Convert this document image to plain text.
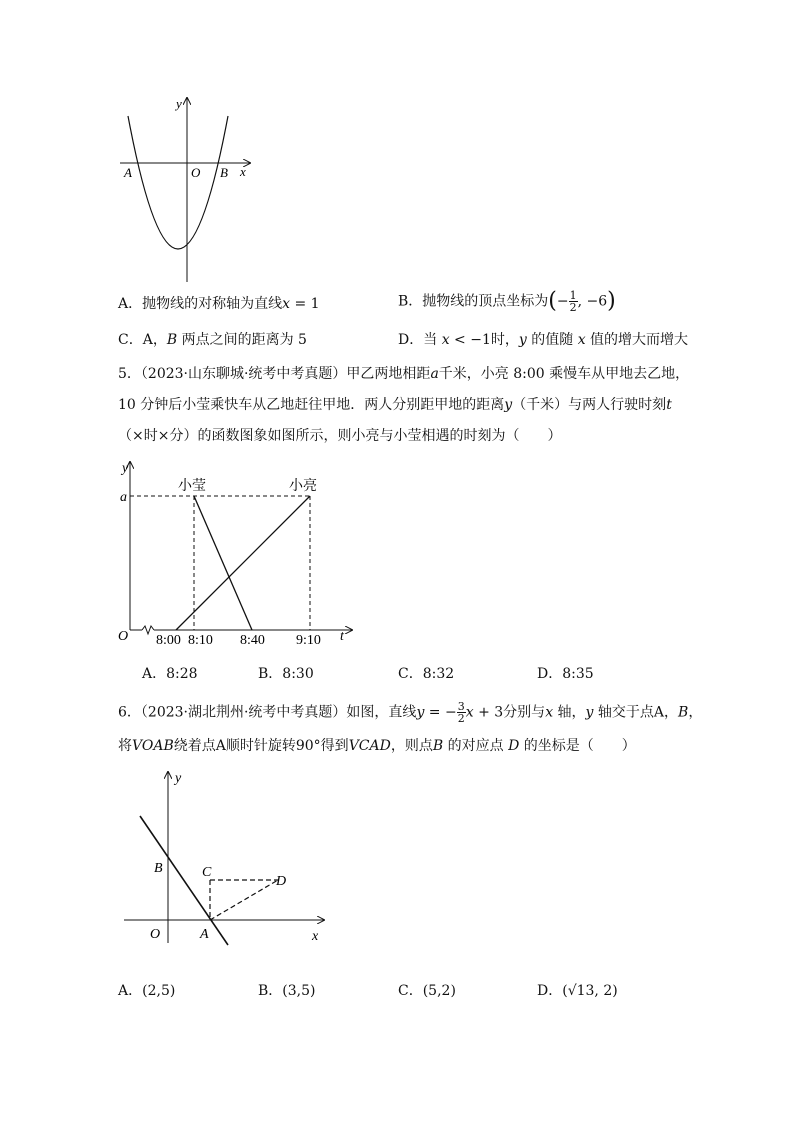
y
x
O
A	B
A．抛物线的对称轴为直线x = 1	B．抛物线的顶点坐标为(− $\frac{1}{2}$ , −6)
C．A，B 两点之间的距离为 5	D．当 x < −1时，y 的值随 x 值的增大而增大
5．（2023·山东聊城·统考中考真题）甲乙两地相距a千米，小亮 8:00 乘慢车从甲地去乙地，
10 分钟后小莹乘快车从乙地赶往甲地．两人分别距甲地的距离y（千米）与两人行驶时刻t
（×时×分）的函数图象如图所示，则小亮与小莹相遇的时刻为（　　）
y
a
O	t
小莹	小亮
8:00 8:10 8:40 9:10
A．8:28	B．8:30	C．8:32	D．8:35
6．（2023·湖北荆州·统考中考真题）如图，直线y = − $\frac{3}{2}$ x + 3分别与x 轴，y 轴交于点A，B，
将VOAB绕着点A顺时针旋转90°得到VCAD，则点B 的对应点 D 的坐标是（　　）
y
x
O	A
B	C
D
A．(2,5)	B．(3,5)	C．(5,2)	D．(√13, 2)
